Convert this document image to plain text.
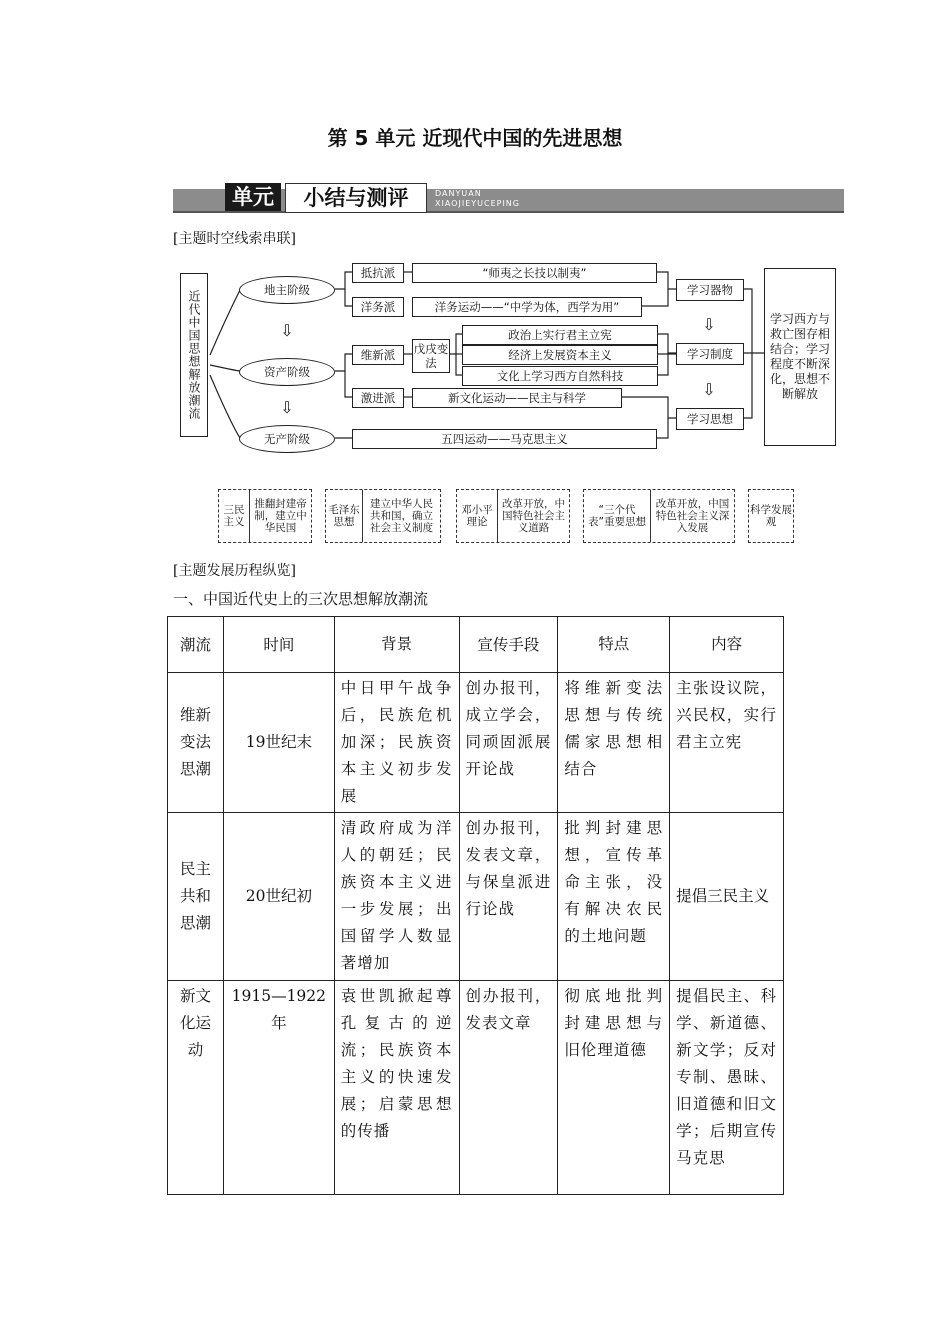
第 5 单元 近现代中国的先进思想
单元	小结与测评	DANYUAN
XIAOJIEYUCEPING
[主题时空线索串联]
⇩
⇩
⇩
⇩
近代中国思想解放潮流	地主阶级
资产阶级
无产阶级
抵抗派
洋务派
维新派
激进派
“师夷之长技以制夷”
洋务运动——“中学为体，西学为用”
戊戌变法
政治上实行君主立宪
经济上发展资本主义
文化上学习西方自然科技
新文化运动——民主与科学
五四运动——马克思主义
学习器物
学习制度
学习思想
学习西方与救亡图存相结合；学习程度不断深化，思想不断解放
三民主义
推翻封建帝制，建立中华民国
毛泽东思想
建立中华人民共和国，确立社会主义制度
邓小平理论
改革开放，中国特色社会主义道路
“三个代表”重要思想
改革开放，中国特色社会主义深入发展
科学发展观
[主题发展历程纵览]
一、中国近代史上的三次思想解放潮流
潮流	时间	背景	宣传手段	特点	内容
维新变法思潮	19世纪末	中日甲午战争后，民族危机加深；民族资本主义初步发展	创办报刊，成立学会，同顽固派展开论战	将维新变法思想与传统儒家思想相结合	主张设议院，兴民权，实行君主立宪
民主共和思潮	20世纪初	清政府成为洋人的朝廷；民族资本主义进一步发展；出国留学人数显著增加	创办报刊，发表文章，与保皇派进行论战	批判封建思想，宣传革命主张，没有解决农民的土地问题	提倡三民主义
新文化运动	1915—1922年	袁世凯掀起尊孔复古的逆流；民族资本主义的快速发展；启蒙思想的传播	创办报刊，发表文章	彻底地批判封建思想与旧伦理道德	提倡民主、科学、新道德、新文学；反对专制、愚昧、旧道德和旧文学；后期宣传马克思
